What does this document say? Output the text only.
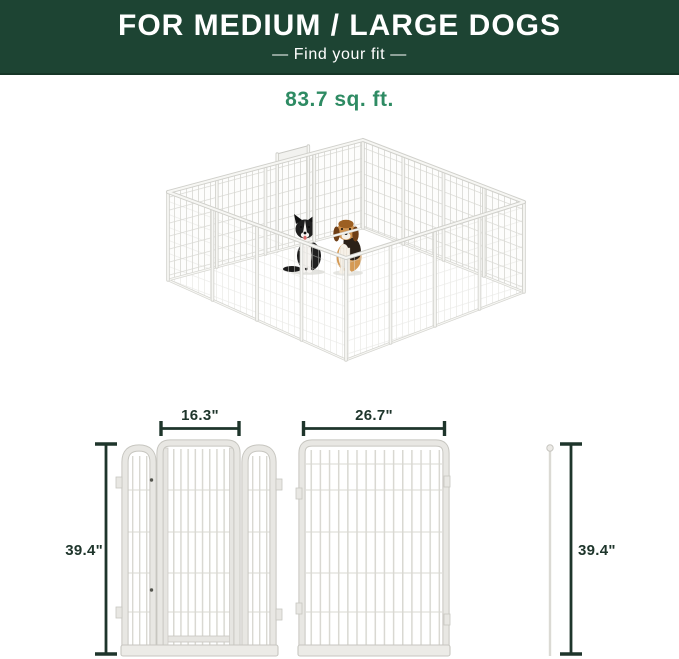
FOR MEDIUM / LARGE DOGS
— Find your fit —
83.7 sq. ft.
39.4"
16.3"	26.7"
39.4"
